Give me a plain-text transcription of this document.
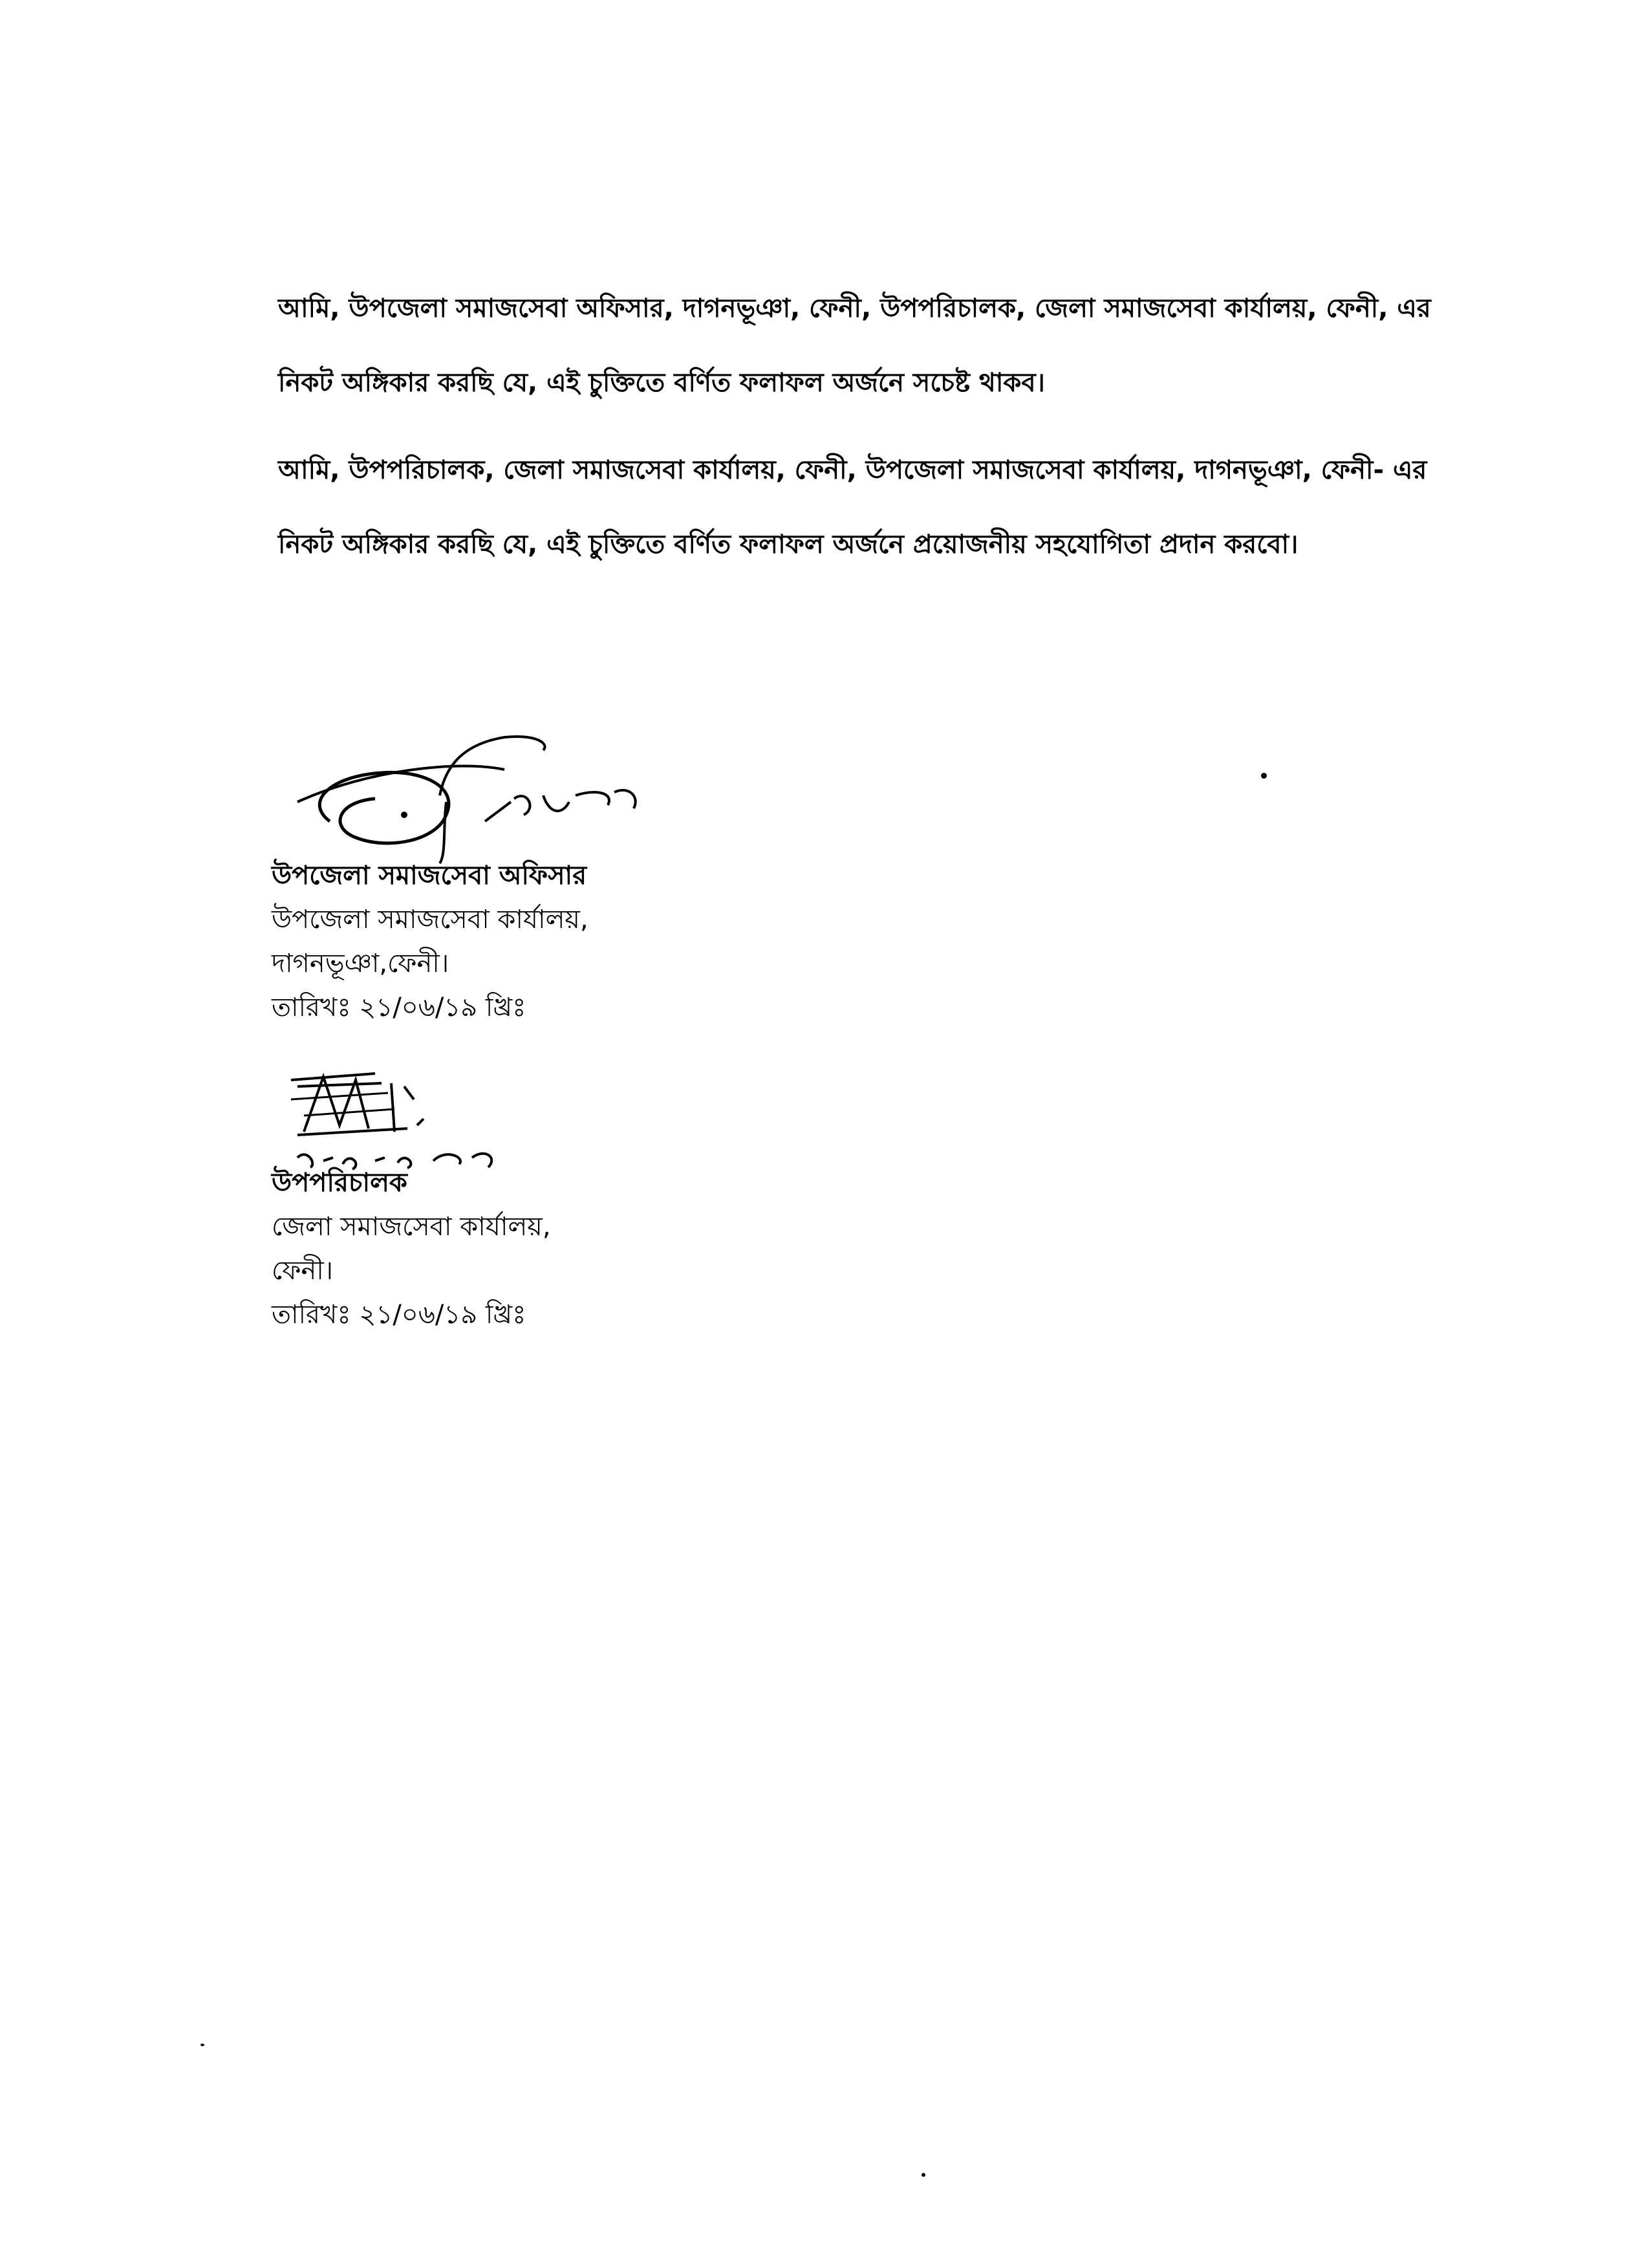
আমি, উপজেলা সমাজসেবা অফিসার, দাগনভূঞা, ফেনী, উপপরিচালক, জেলা সমাজসেবা কার্যালয়, ফেনী, এর নিকট অঙ্গিকার করছি যে, এই চুক্তিতে বর্ণিত ফলাফল অর্জনে সচেষ্ট থাকব।

আমি, উপপরিচালক, জেলা সমাজসেবা কার্যালয়, ফেনী, উপজেলা সমাজসেবা কার্যালয়, দাগনভূঞা, ফেনী- এর নিকট অঙ্গিকার করছি যে, এই চুক্তিতে বর্ণিত ফলাফল অর্জনে প্রয়োজনীয় সহযোগিতা প্রদান করবো।

উপজেলা সমাজসেবা অফিসার
উপজেলা সমাজসেবা কার্যালয়,
দাগনভূঞা,ফেনী।
তারিখঃ ২১/০৬/১৯ খ্রিঃ
উপপরিচালক
জেলা সমাজসেবা কার্যালয়,
ফেনী।
তারিখঃ ২১/০৬/১৯ খ্রিঃ
